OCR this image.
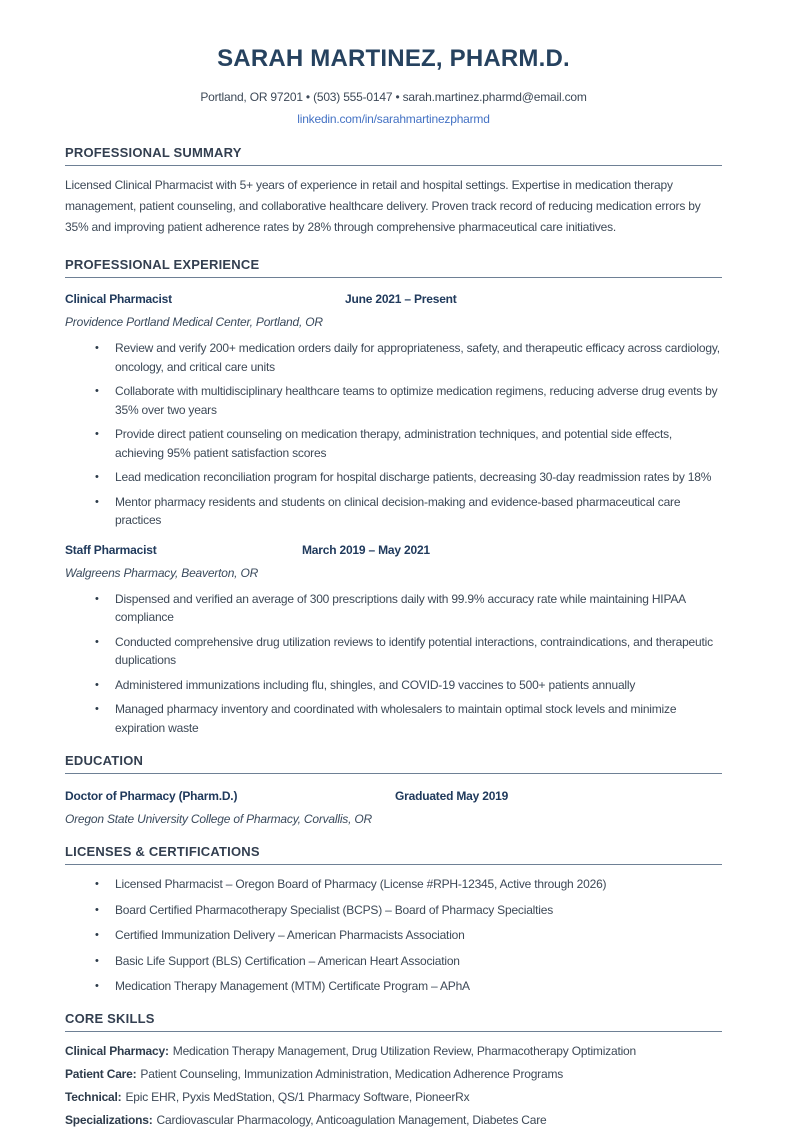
SARAH MARTINEZ, PHARM.D.
Portland, OR 97201 • (503) 555-0147 • sarah.martinez.pharmd@email.com
linkedin.com/in/sarahmartinezpharmd
PROFESSIONAL SUMMARY
Licensed Clinical Pharmacist with 5+ years of experience in retail and hospital settings. Expertise in medication therapy management, patient counseling, and collaborative healthcare delivery. Proven track record of reducing medication errors by 35% and improving patient adherence rates by 28% through comprehensive pharmaceutical care initiatives.
PROFESSIONAL EXPERIENCE
Clinical Pharmacist	June 2021 – Present
Providence Portland Medical Center, Portland, OR
•	Review and verify 200+ medication orders daily for appropriateness, safety, and therapeutic efficacy across cardiology, oncology, and critical care units
•	Collaborate with multidisciplinary healthcare teams to optimize medication regimens, reducing adverse drug events by 35% over two years
•	Provide direct patient counseling on medication therapy, administration techniques, and potential side effects, achieving 95% patient satisfaction scores
•	Lead medication reconciliation program for hospital discharge patients, decreasing 30-day readmission rates by 18%
•	Mentor pharmacy residents and students on clinical decision-making and evidence-based pharmaceutical care practices
Staff Pharmacist	March 2019 – May 2021
Walgreens Pharmacy, Beaverton, OR
•	Dispensed and verified an average of 300 prescriptions daily with 99.9% accuracy rate while maintaining HIPAA compliance
•	Conducted comprehensive drug utilization reviews to identify potential interactions, contraindications, and therapeutic duplications
•	Administered immunizations including flu, shingles, and COVID-19 vaccines to 500+ patients annually
•	Managed pharmacy inventory and coordinated with wholesalers to maintain optimal stock levels and minimize expiration waste
EDUCATION
Doctor of Pharmacy (Pharm.D.)	Graduated May 2019
Oregon State University College of Pharmacy, Corvallis, OR
LICENSES & CERTIFICATIONS
•	Licensed Pharmacist – Oregon Board of Pharmacy (License #RPH-12345, Active through 2026)
•	Board Certified Pharmacotherapy Specialist (BCPS) – Board of Pharmacy Specialties
•	Certified Immunization Delivery – American Pharmacists Association
•	Basic Life Support (BLS) Certification – American Heart Association
•	Medication Therapy Management (MTM) Certificate Program – APhA
CORE SKILLS
Clinical Pharmacy: Medication Therapy Management, Drug Utilization Review, Pharmacotherapy Optimization
Patient Care: Patient Counseling, Immunization Administration, Medication Adherence Programs
Technical: Epic EHR, Pyxis MedStation, QS/1 Pharmacy Software, PioneerRx
Specializations: Cardiovascular Pharmacology, Anticoagulation Management, Diabetes Care
